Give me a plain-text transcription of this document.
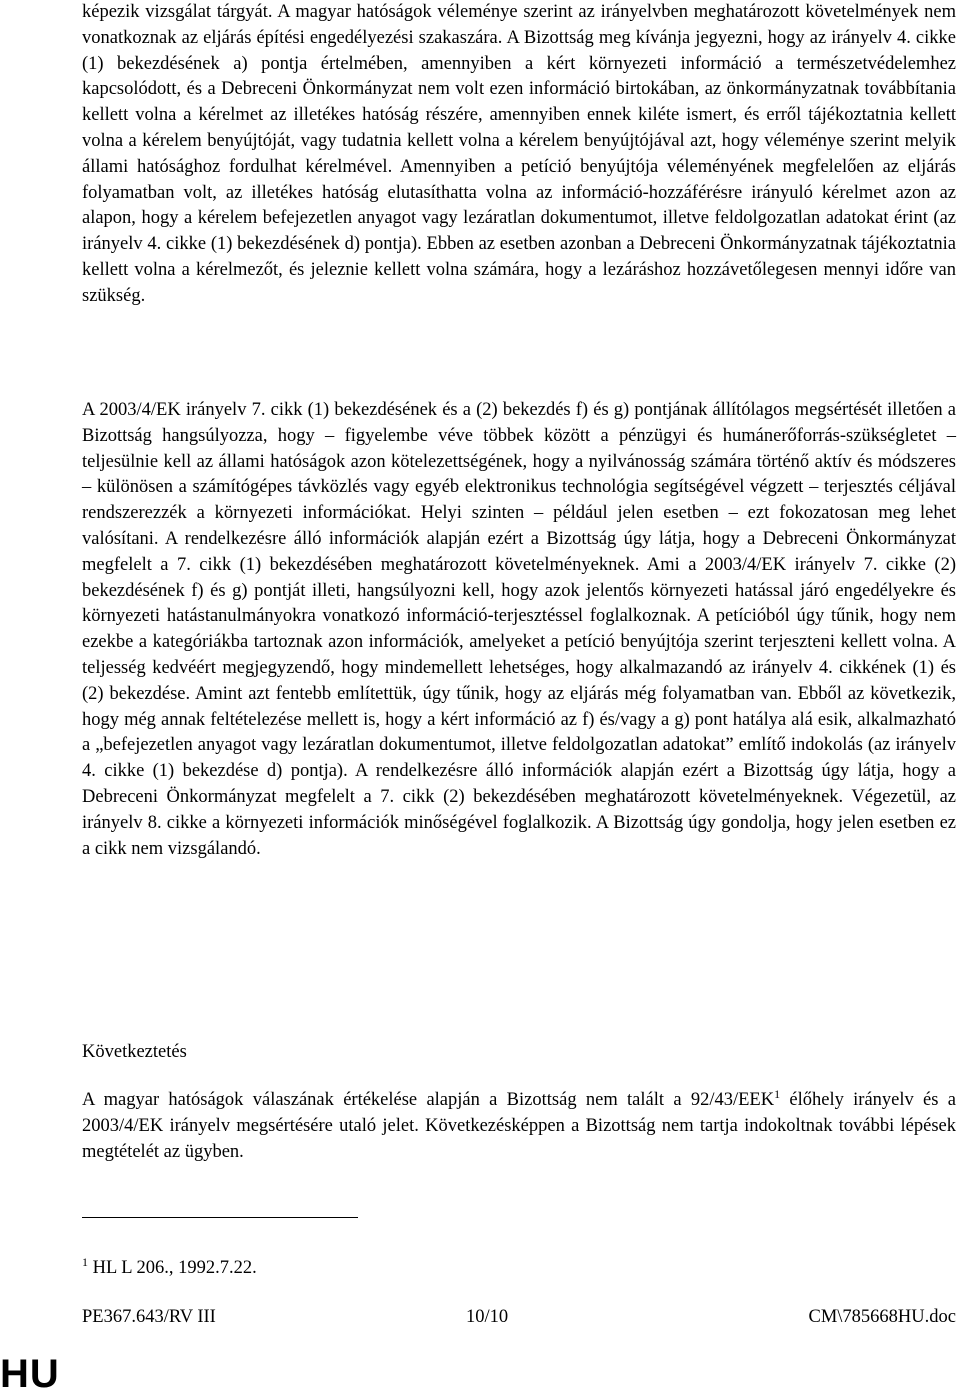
képezik vizsgálat tárgyát. A magyar hatóságok véleménye szerint az irányelvben meghatározott követelmények nem vonatkoznak az eljárás építési engedélyezési szakaszára. A Bizottság meg kívánja jegyezni, hogy az irányelv 4. cikke (1) bekezdésének a) pontja értelmében, amennyiben a kért környezeti információ a természetvédelemhez kapcsolódott, és a Debreceni Önkormányzat nem volt ezen információ birtokában, az önkormányzatnak továbbítania kellett volna a kérelmet az illetékes hatóság részére, amennyiben ennek kiléte ismert, és erről tájékoztatnia kellett volna a kérelem benyújtóját, vagy tudatnia kellett volna a kérelem benyújtójával azt, hogy véleménye szerint melyik állami hatósághoz fordulhat kérelmével. Amennyiben a petíció benyújtója véleményének megfelelően az eljárás folyamatban volt, az illetékes hatóság elutasíthatta volna az információ-hozzáférésre irányuló kérelmet azon az alapon, hogy a kérelem befejezetlen anyagot vagy lezáratlan dokumentumot, illetve feldolgozatlan adatokat érint (az irányelv 4. cikke (1) bekezdésének d) pontja). Ebben az esetben azonban a Debreceni Önkormányzatnak tájékoztatnia kellett volna a kérelmezőt, és jeleznie kellett volna számára, hogy a lezáráshoz hozzávetőlegesen mennyi időre van szükség.

A 2003/4/EK irányelv 7. cikk (1) bekezdésének és a (2) bekezdés f) és g) pontjának állítólagos megsértését illetően a Bizottság hangsúlyozza, hogy – figyelembe véve többek között a pénzügyi és humánerőforrás-szükségletet – teljesülnie kell az állami hatóságok azon kötelezettségének, hogy a nyilvánosság számára történő aktív és módszeres – különösen a számítógépes távközlés vagy egyéb elektronikus technológia segítségével végzett – terjesztés céljával rendszerezzék a környezeti információkat. Helyi szinten – például jelen esetben – ezt fokozatosan meg lehet valósítani. A rendelkezésre álló információk alapján ezért a Bizottság úgy látja, hogy a Debreceni Önkormányzat megfelelt a 7. cikk (1) bekezdésében meghatározott követelményeknek. Ami a 2003/4/EK irányelv 7. cikke (2) bekezdésének f) és g) pontját illeti, hangsúlyozni kell, hogy azok jelentős környezeti hatással járó engedélyekre és környezeti hatástanulmányokra vonatkozó információ-terjesztéssel foglalkoznak. A petícióból úgy tűnik, hogy nem ezekbe a kategóriákba tartoznak azon információk, amelyeket a petíció benyújtója szerint terjeszteni kellett volna. A teljesség kedvéért megjegyzendő, hogy mindemellett lehetséges, hogy alkalmazandó az irányelv 4. cikkének (1) és (2) bekezdése. Amint azt fentebb említettük, úgy tűnik, hogy az eljárás még folyamatban van. Ebből az következik, hogy még annak feltételezése mellett is, hogy a kért információ az f) és/vagy a g) pont hatálya alá esik, alkalmazható a „befejezetlen anyagot vagy lezáratlan dokumentumot, illetve feldolgozatlan adatokat” említő indokolás (az irányelv 4. cikke (1) bekezdése d) pontja). A rendelkezésre álló információk alapján ezért a Bizottság úgy látja, hogy a Debreceni Önkormányzat megfelelt a 7. cikk (2) bekezdésében meghatározott követelményeknek. Végezetül, az irányelv 8. cikke a környezeti információk minőségével foglalkozik. A Bizottság úgy gondolja, hogy jelen esetben ez a cikk nem vizsgálandó.

Következtetés

A magyar hatóságok válaszának értékelése alapján a Bizottság nem talált a 92/43/EEK$^1$ élőhely irányelv és a 2003/4/EK irányelv megsértésére utaló jelet. Következésképpen a Bizottság nem tartja indokoltnak további lépések megtételét az ügyben.

$^1$ HL L 206., 1992.7.22.

PE367.643/RV III	10/10	CM\785668HU.doc
HU
